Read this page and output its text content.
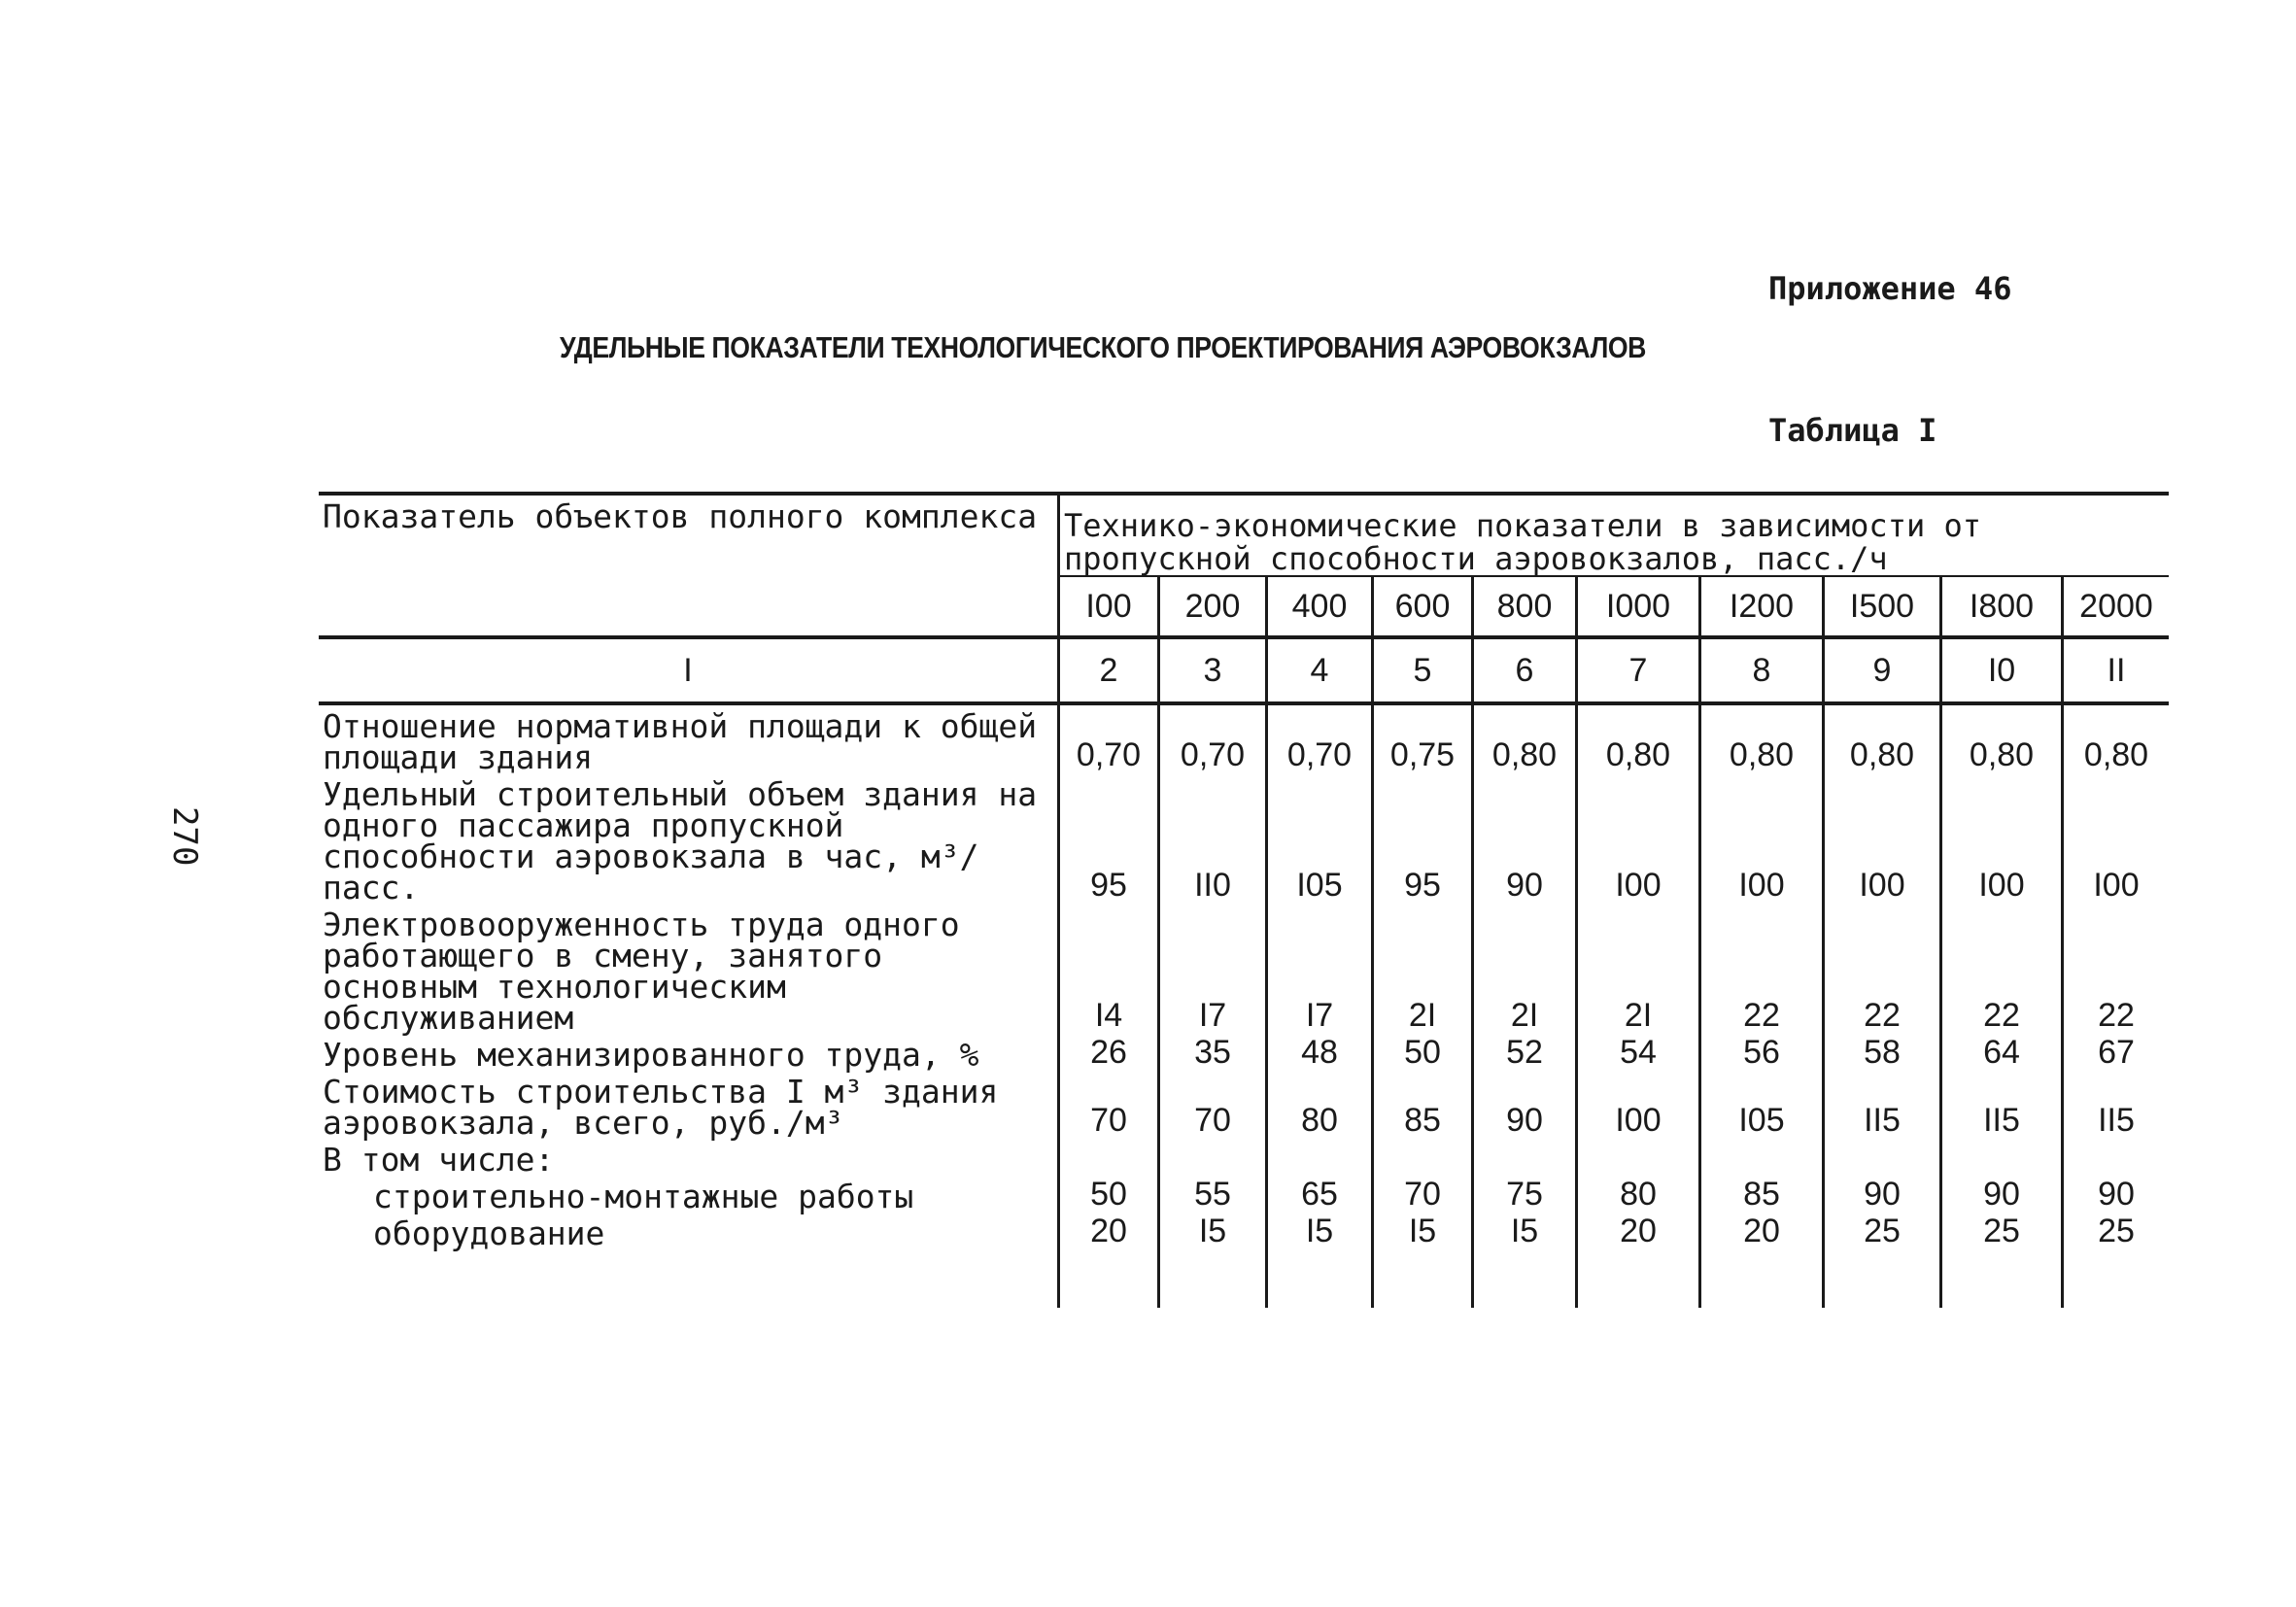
270
Приложение 46
УДЕЛЬНЫЕ ПОКАЗАТЕЛИ ТЕХНОЛОГИЧЕСКОГО ПРОЕКТИРОВАНИЯ АЭРОВОКЗАЛОВ
Таблица I
Показатель объектов полного комплекса	Технико-экономические показатели в зависимости от пропускной способности аэровокзалов, пасс./ч									
	I00	200	400	600	800	I000	I200	I500	I800	2000
I	2	3	4	5	6	7	8	9	I0	II
Отношение нормативной площади к общей площади здания	0,70	0,70	0,70	0,75	0,80	0,80	0,80	0,80	0,80	0,80
Удельный строительный объем здания на одного пассажира пропускной способности аэровокзала в час, м³/пасс.	95	II0	I05	95	90	I00	I00	I00	I00	I00
Электровооруженность труда одного работающего в смену, занятого основным технологическим обслуживанием	I4	I7	I7	2I	2I	2I	22	22	22	22
Уровень механизированного труда, %	26	35	48	50	52	54	56	58	64	67
Стоимость строительства I м³ здания аэровокзала, всего, руб./м³	70	70	80	85	90	I00	I05	II5	II5	II5
В том числе:										
строительно-монтажные работы	50	55	65	70	75	80	85	90	90	90
оборудование	20	I5	I5	I5	I5	20	20	25	25	25
